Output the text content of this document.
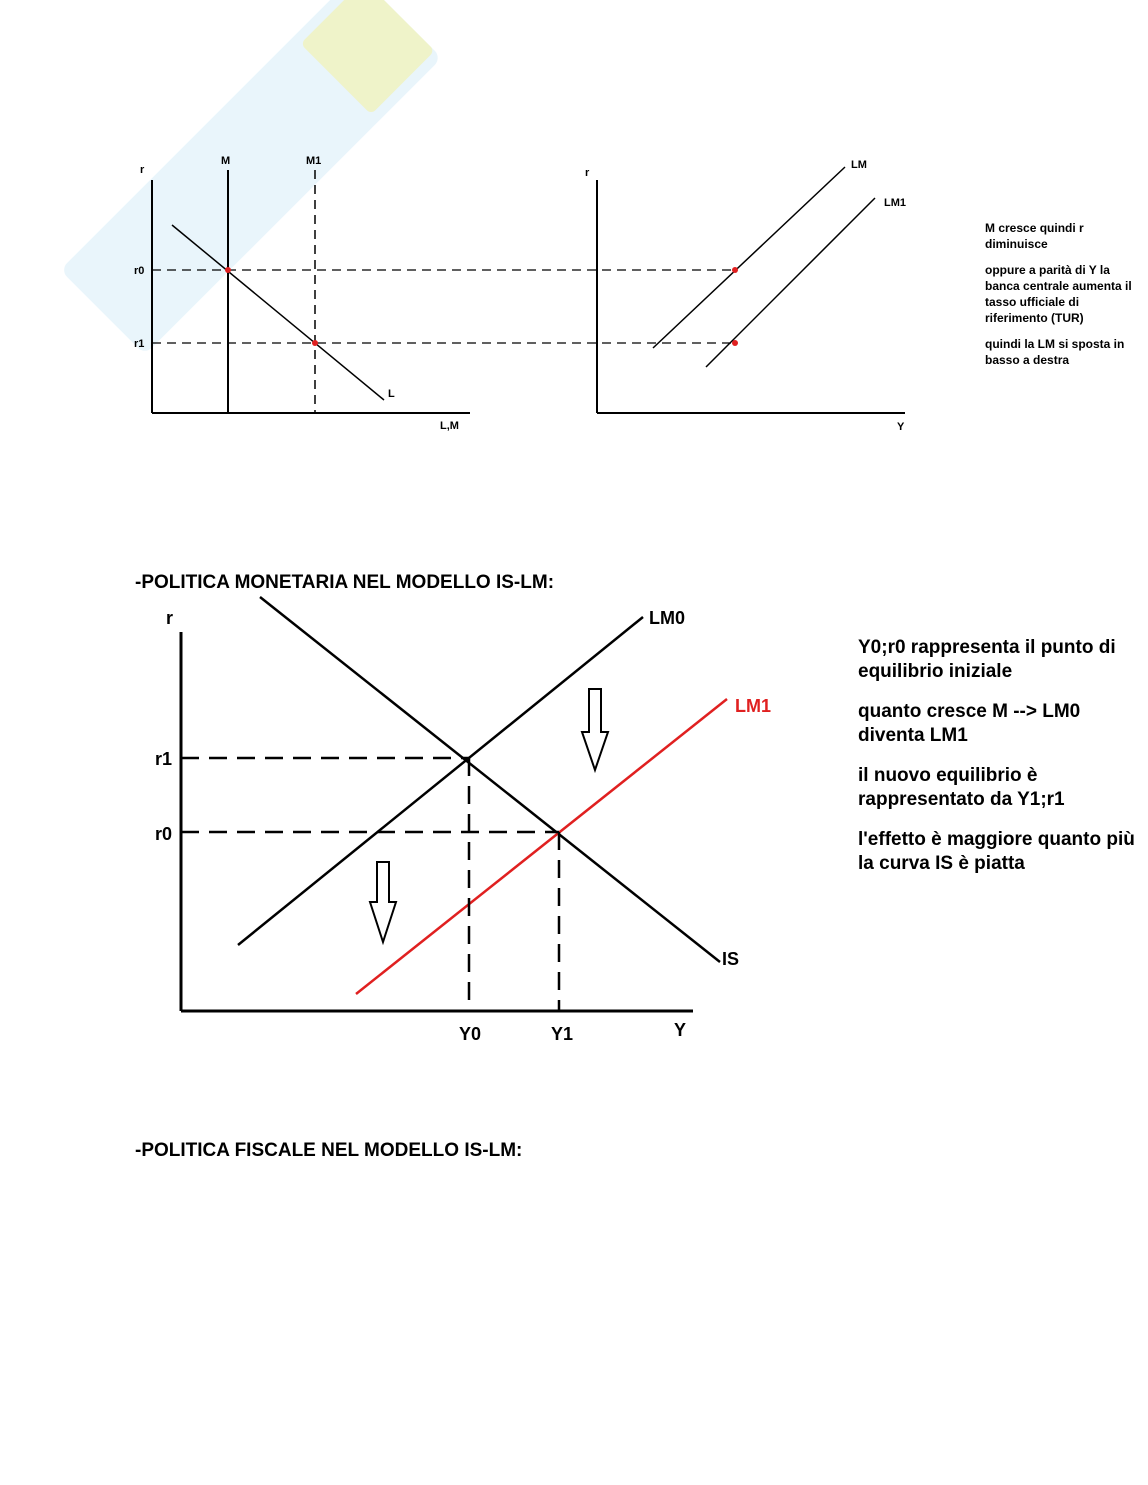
r
M	M1
r0
r1
L
L,M
r
LM
LM1
Y
r
r1
r0
Y0	Y1	Y
LM0
LM1
IS

M cresce quindi r diminuisce

oppure a parità di Y la banca centrale aumenta il tasso ufficiale di riferimento (TUR)

quindi la LM si sposta in basso a destra

-POLITICA MONETARIA NEL MODELLO IS-LM:

Y0;r0 rappresenta il punto di equilibrio iniziale

quanto cresce M --> LM0 diventa LM1

il nuovo equilibrio è rappresentato da Y1;r1

l'effetto è maggiore quanto più la curva IS è piatta

-POLITICA FISCALE NEL MODELLO IS-LM:
